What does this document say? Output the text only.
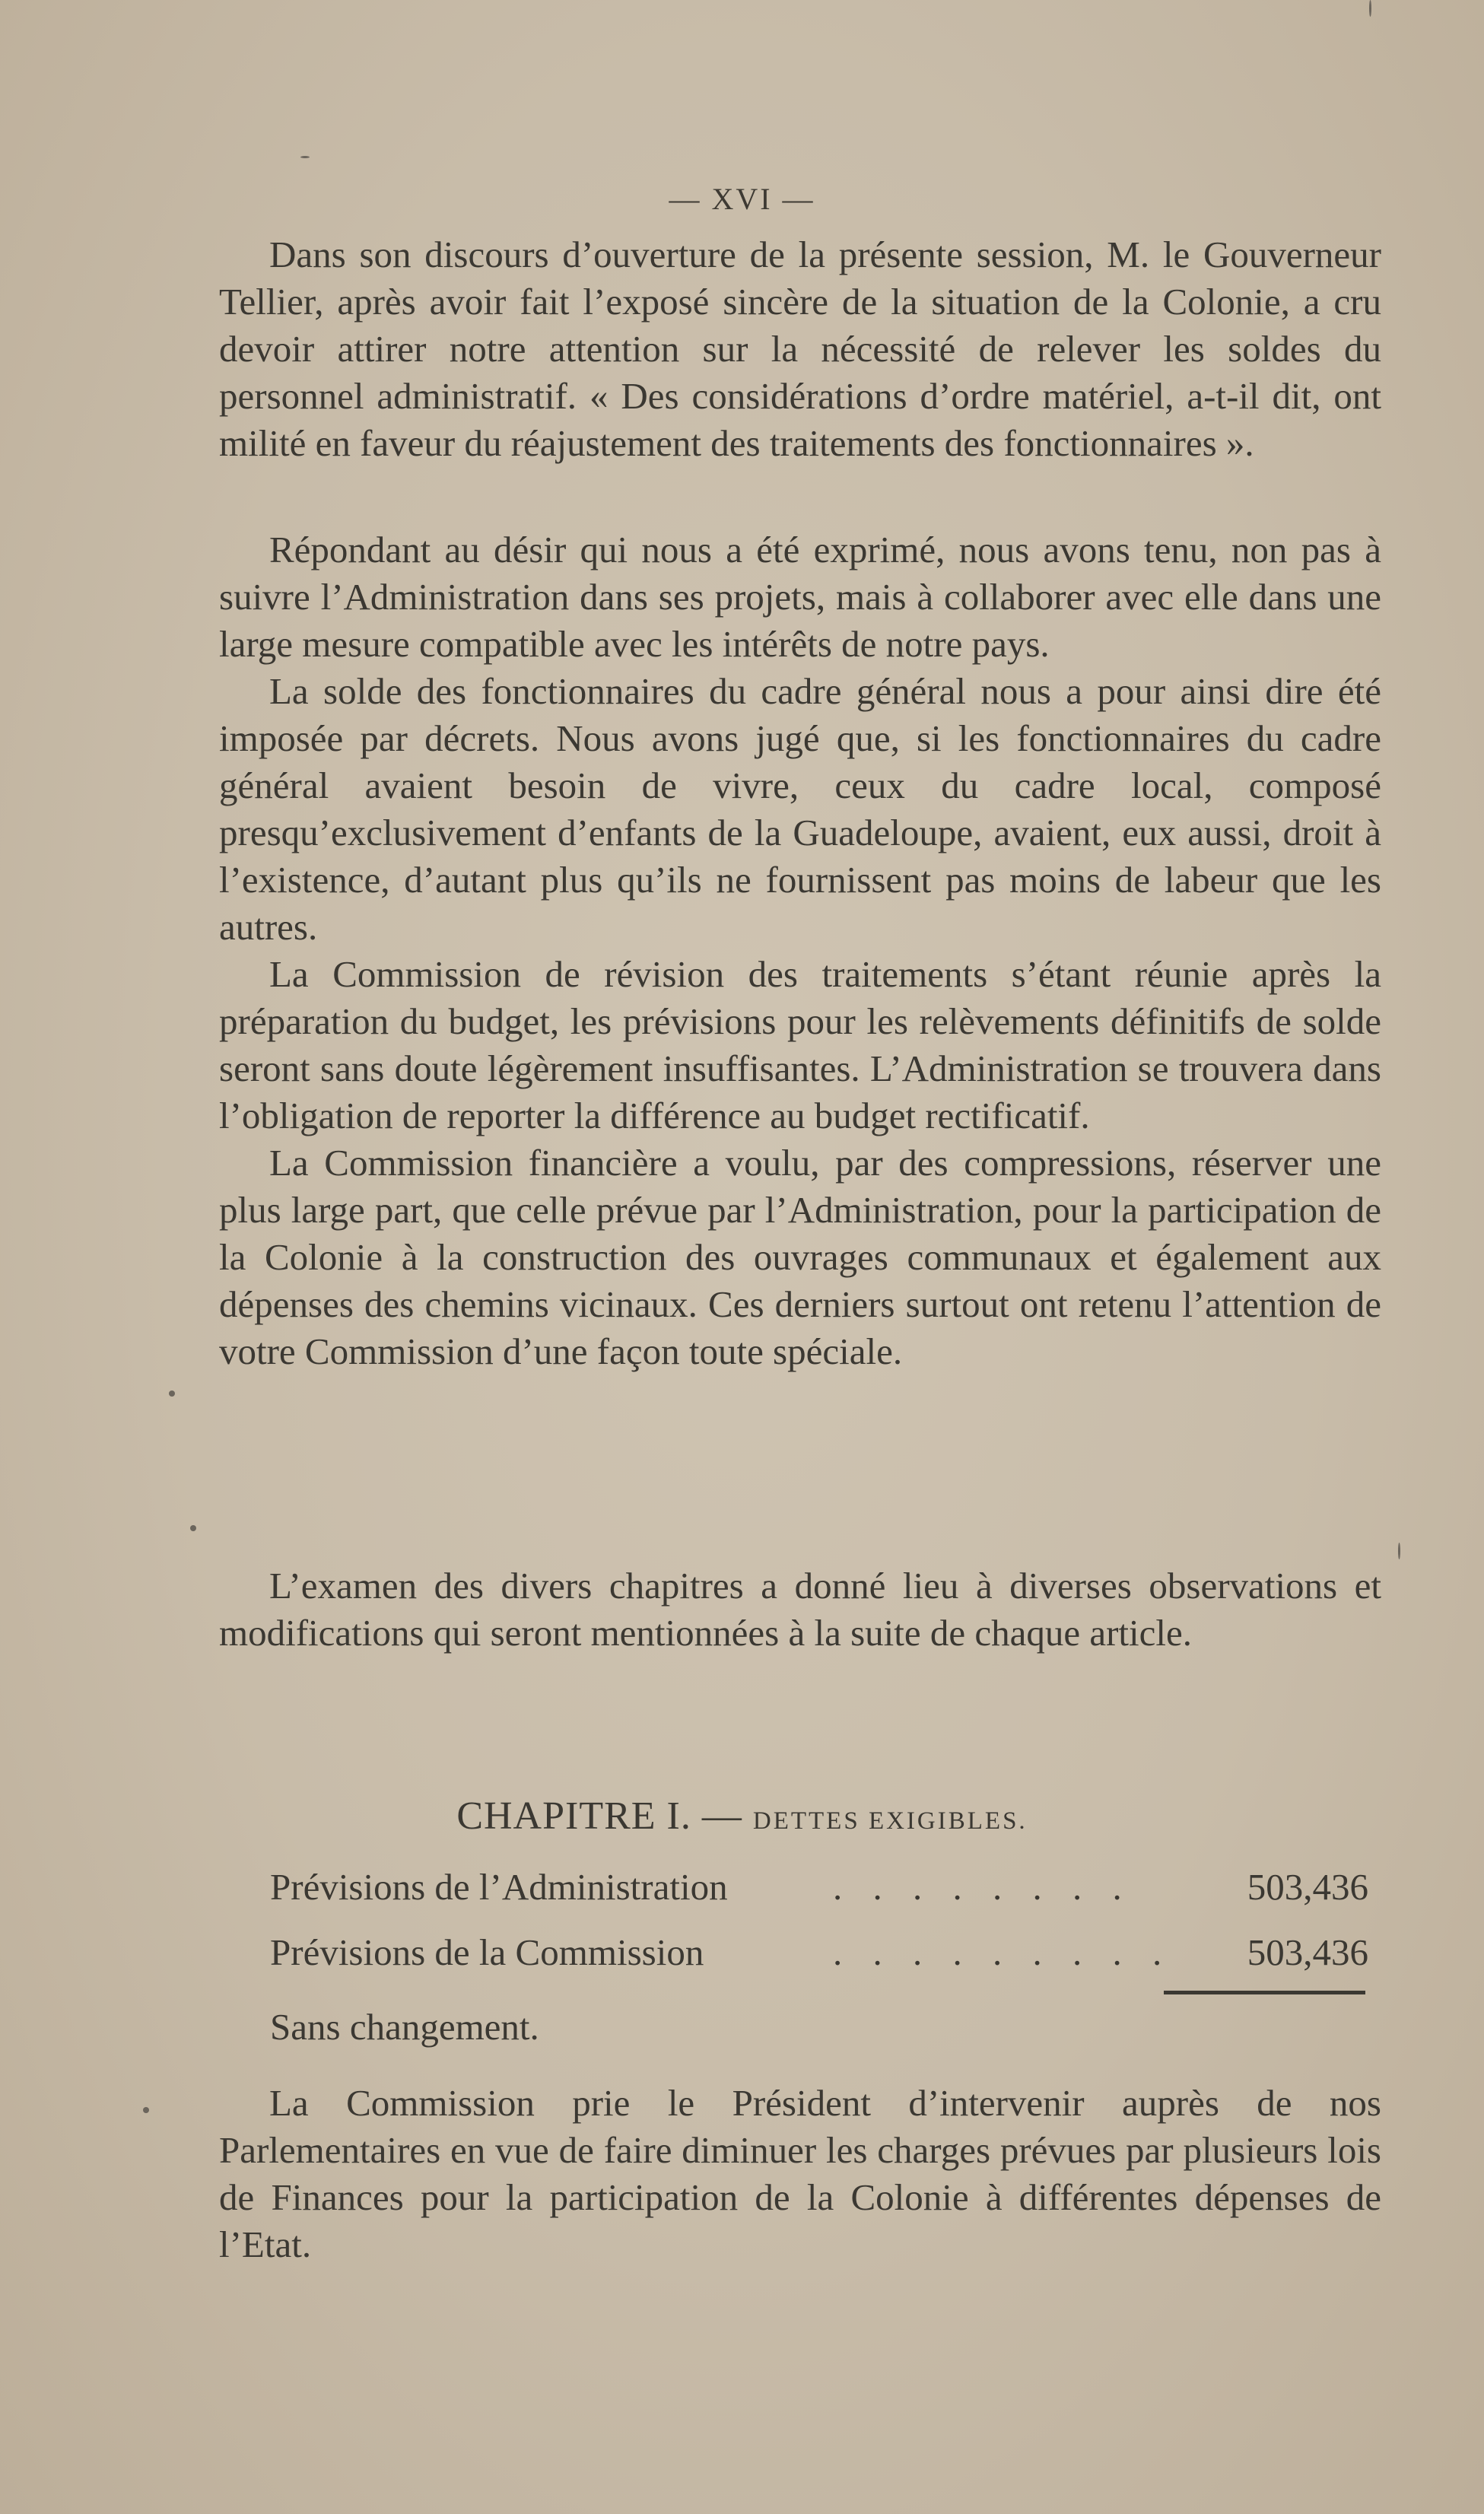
— XVI —

Dans son discours d’ouverture de la présente session, M. le Gouverneur Tellier, après avoir fait l’exposé sincère de la situation de la Colonie, a cru devoir attirer notre attention sur la nécessité de relever les soldes du personnel administratif. « Des considérations d’ordre matériel, a-t-il dit, ont milité en faveur du réajustement des traitements des fonctionnaires ».

Répondant au désir qui nous a été exprimé, nous avons tenu, non pas à suivre l’Administration dans ses projets, mais à collaborer avec elle dans une large mesure compatible avec les intérêts de notre pays.

La solde des fonctionnaires du cadre général nous a pour ainsi dire été imposée par décrets. Nous avons jugé que, si les fonctionnaires du cadre général avaient besoin de vivre, ceux du cadre local, composé presqu’exclusivement d’enfants de la Guadeloupe, avaient, eux aussi, droit à l’existence, d’autant plus qu’ils ne fournissent pas moins de labeur que les autres.

La Commission de révision des traitements s’étant réunie après la préparation du budget, les prévisions pour les relèvements définitifs de solde seront sans doute légèrement insuffisantes. L’Administration se trouvera dans l’obligation de reporter la différence au budget rectificatif.

La Commission financière a voulu, par des compressions, réserver une plus large part, que celle prévue par l’Administration, pour la participation de la Colonie à la construction des ouvrages communaux et également aux dépenses des chemins vicinaux. Ces derniers surtout ont retenu l’attention de votre Commission d’une façon toute spéciale.

L’examen des divers chapitres a donné lieu à diverses observations et modifications qui seront mentionnées à la suite de chaque article.

CHAPITRE I. — DETTES EXIGIBLES.
Prévisions de l’Administration	. . . . . . . .	503,436
Prévisions de la Commission	. . . . . . . . . 503,436
Sans changement.

La Commission prie le Président d’intervenir auprès de nos Parlementaires en vue de faire diminuer les charges prévues par plusieurs lois de Finances pour la participation de la Colonie à différentes dépenses de l’Etat.
